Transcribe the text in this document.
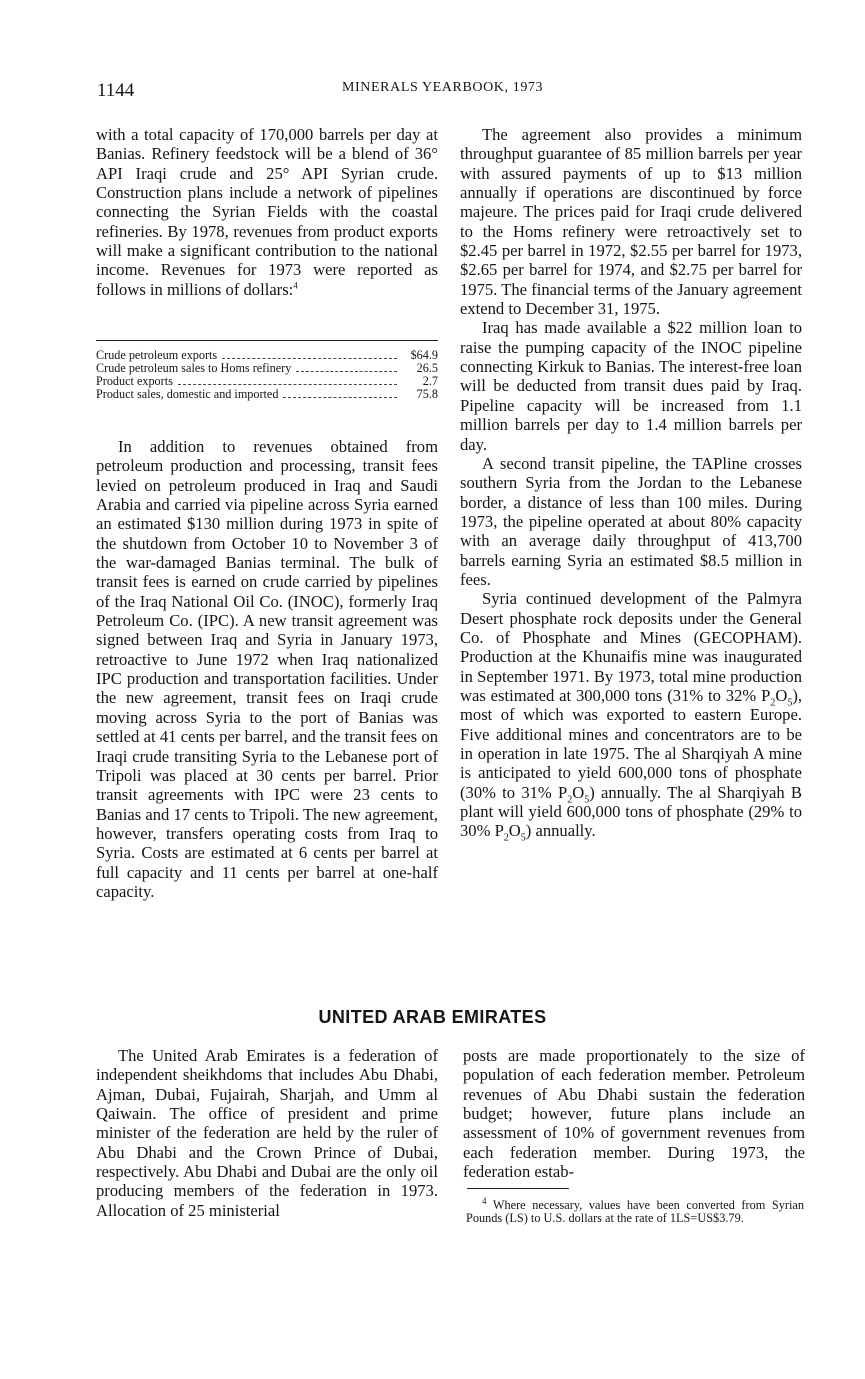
1144	MINERALS YEARBOOK, 1973

with a total capacity of 170,000 barrels per day at Banias. Refinery feedstock will be a blend of 36° API Iraqi crude and 25° API Syrian crude. Construction plans include a network of pipelines connecting the Syrian Fields with the coastal refineries. By 1978, revenues from product exports will make a significant contribution to the national income. Revenues for 1973 were reported as follows in millions of dollars:$^4$

Crude petroleum exports	$64.9
Crude petroleum sales to Homs refinery	26.5
Product exports	2.7
Product sales, domestic and imported	75.8

In addition to revenues obtained from petroleum production and processing, transit fees levied on petroleum produced in Iraq and Saudi Arabia and carried via pipeline across Syria earned an estimated $130 million during 1973 in spite of the shutdown from October 10 to November 3 of the war-damaged Banias terminal. The bulk of transit fees is earned on crude carried by pipelines of the Iraq National Oil Co. (INOC), formerly Iraq Petroleum Co. (IPC). A new transit agreement was signed between Iraq and Syria in January 1973, retroactive to June 1972 when Iraq nationalized IPC production and transportation facilities. Under the new agreement, transit fees on Iraqi crude moving across Syria to the port of Banias was settled at 41 cents per barrel, and the transit fees on Iraqi crude transiting Syria to the Lebanese port of Tripoli was placed at 30 cents per barrel. Prior transit agreements with IPC were 23 cents to Banias and 17 cents to Tripoli. The new agreement, however, transfers operating costs from Iraq to Syria. Costs are estimated at 6 cents per barrel at full capacity and 11 cents per barrel at one-half capacity.

The agreement also provides a minimum throughput guarantee of 85 million barrels per year with assured payments of up to $13 million annually if operations are discontinued by force majeure. The prices paid for Iraqi crude delivered to the Homs refinery were retroactively set to $2.45 per barrel in 1972, $2.55 per barrel for 1973, $2.65 per barrel for 1974, and $2.75 per barrel for 1975. The financial terms of the January agreement extend to December 31, 1975.

Iraq has made available a $22 million loan to raise the pumping capacity of the INOC pipeline connecting Kirkuk to Banias. The interest-free loan will be deducted from transit dues paid by Iraq. Pipeline capacity will be increased from 1.1 million barrels per day to 1.4 million barrels per day.

A second transit pipeline, the TAPline crosses southern Syria from the Jordan to the Lebanese border, a distance of less than 100 miles. During 1973, the pipeline operated at about 80% capacity with an average daily throughput of 413,700 barrels earning Syria an estimated $8.5 million in fees.

Syria continued development of the Palmyra Desert phosphate rock deposits under the General Co. of Phosphate and Mines (GECOPHAM). Production at the Khunaifis mine was inaugurated in September 1971. By 1973, total mine production was estimated at 300,000 tons (31% to 32% $P_2O_5$), most of which was exported to eastern Europe. Five additional mines and concentrators are to be in operation in late 1975. The al Sharqiyah A mine is anticipated to yield 600,000 tons of phosphate (30% to 31% $P_2O_5$) annually. The al Sharqiyah B plant will yield 600,000 tons of phosphate (29% to 30% $P_2O_5$) annually.

UNITED ARAB EMIRATES

The United Arab Emirates is a federation of independent sheikhdoms that includes Abu Dhabi, Ajman, Dubai, Fujairah, Sharjah, and Umm al Qaiwain. The office of president and prime minister of the federation are held by the ruler of Abu Dhabi and the Crown Prince of Dubai, respectively. Abu Dhabi and Dubai are the only oil producing members of the federation in 1973. Allocation of 25 ministerial

posts are made proportionately to the size of population of each federation member. Petroleum revenues of Abu Dhabi sustain the federation budget; however, future plans include an assessment of 10% of government revenues from each federation member. During 1973, the federation estab-

$^4$ Where necessary, values have been converted from Syrian Pounds (LS) to U.S. dollars at the rate of 1LS=US$3.79.
